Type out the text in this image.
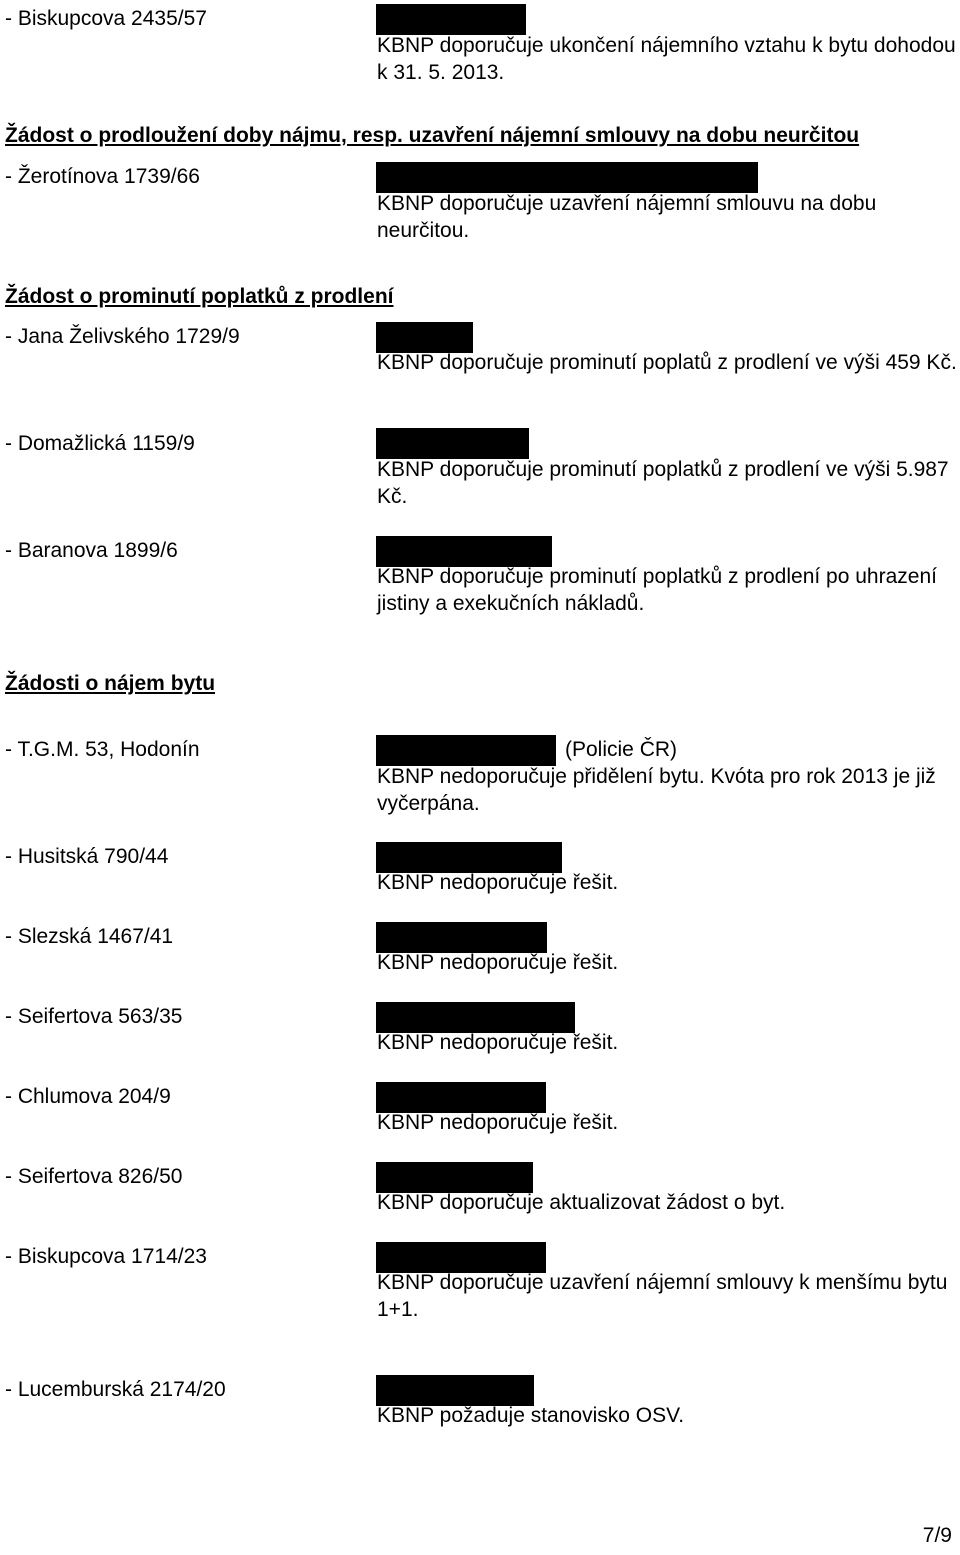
- Biskupcova 2435/57
KBNP doporučuje ukončení nájemního vztahu k bytu dohodou k 31. 5. 2013.
Žádost o prodloužení doby nájmu, resp. uzavření nájemní smlouvy na dobu neurčitou
- Žerotínova 1739/66
KBNP doporučuje uzavření nájemní smlouvu na dobu neurčitou.
Žádost o prominutí poplatků z prodlení
- Jana Želivského 1729/9
KBNP doporučuje prominutí poplatů z prodlení ve výši 459 Kč.
- Domažlická 1159/9
KBNP doporučuje prominutí poplatků z prodlení ve výši 5.987 Kč.
- Baranova 1899/6
KBNP doporučuje prominutí poplatků z prodlení po uhrazení jistiny a exekučních nákladů.
Žádosti o nájem bytu
- T.G.M. 53, Hodonín	(Policie ČR)
KBNP nedoporučuje přidělení bytu. Kvóta pro rok 2013 je již vyčerpána.
- Husitská 790/44
KBNP nedoporučuje řešit.
- Slezská 1467/41
KBNP nedoporučuje řešit.
- Seifertova 563/35
KBNP nedoporučuje řešit.
- Chlumova 204/9
KBNP nedoporučuje řešit.
- Seifertova 826/50
KBNP doporučuje aktualizovat žádost o byt.
- Biskupcova 1714/23
KBNP doporučuje uzavření nájemní smlouvy k menšímu bytu 1+1.
- Lucemburská 2174/20
KBNP požaduje stanovisko OSV.
7/9
